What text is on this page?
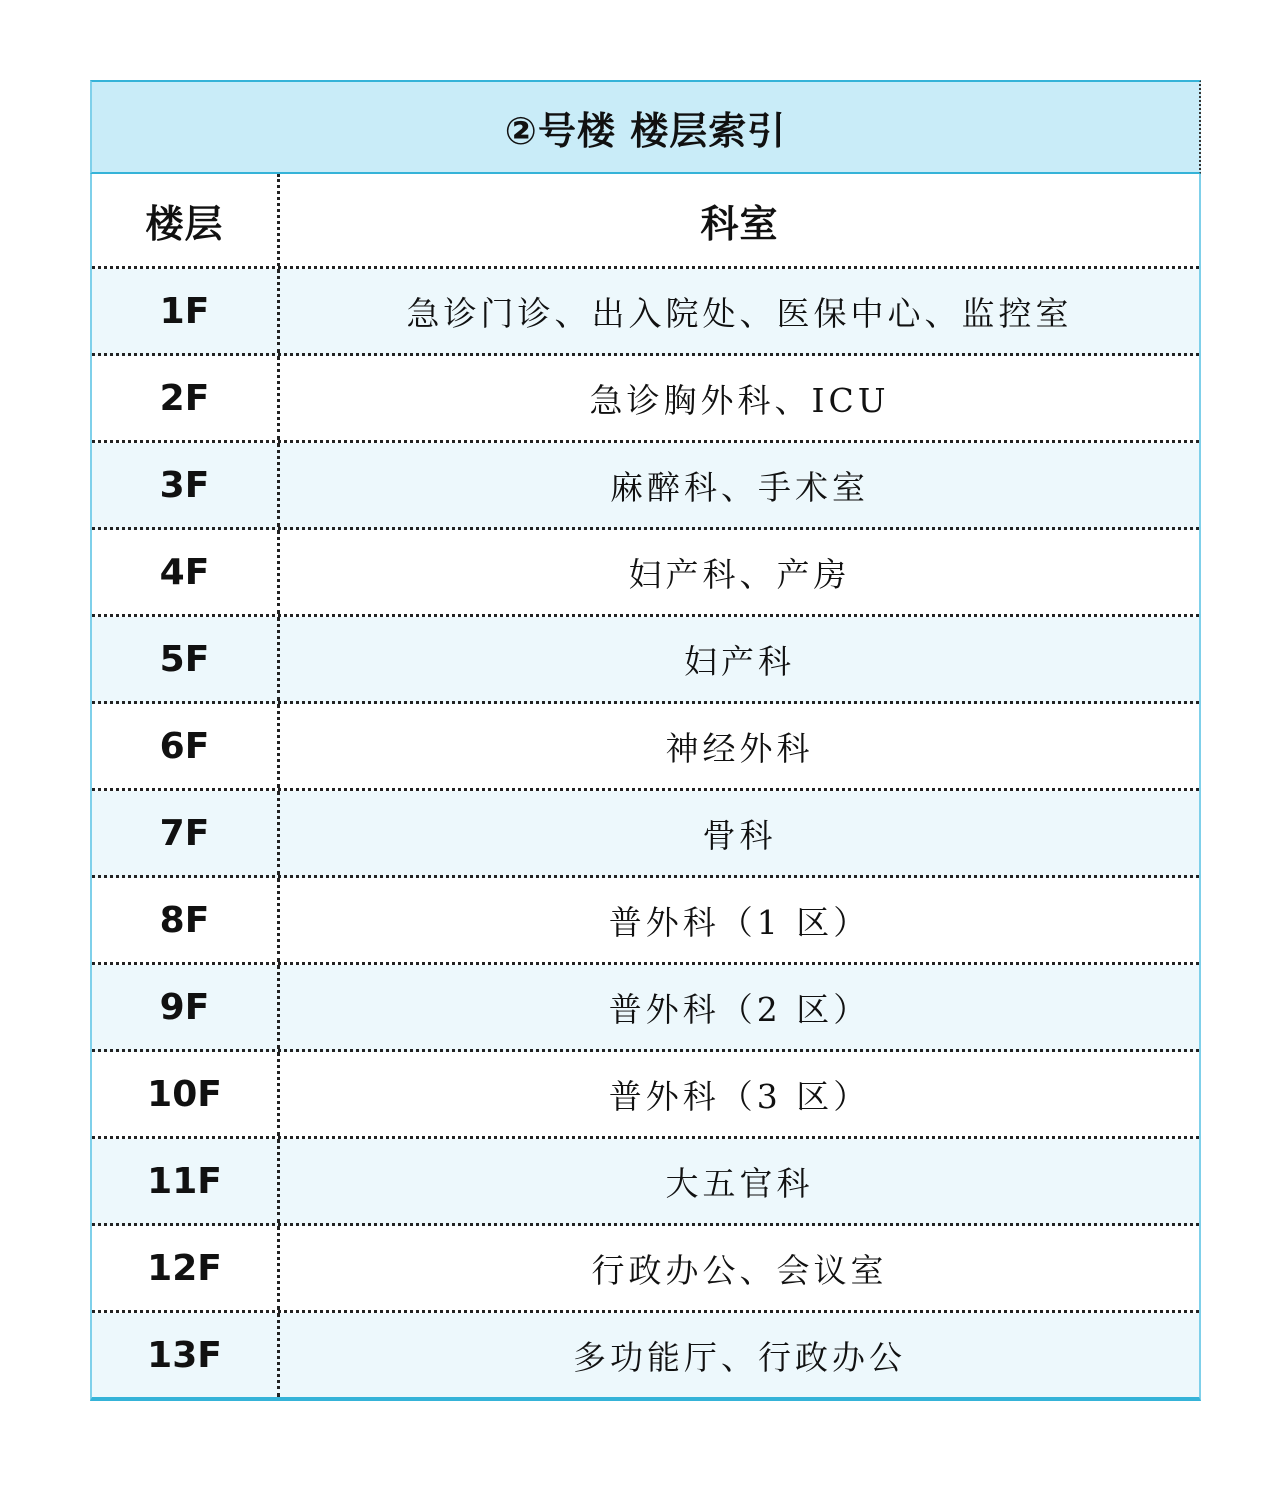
②号楼 楼层索引
楼层	科室
1F	急诊门诊、出入院处、医保中心、监控室
2F	急诊胸外科、ICU
3F	麻醉科、手术室
4F	妇产科、产房
5F	妇产科
6F	神经外科
7F	骨科
8F	普外科（1 区）
9F	普外科（2 区）
10F	普外科（3 区）
11F	大五官科
12F	行政办公、会议室
13F	多功能厅、行政办公
